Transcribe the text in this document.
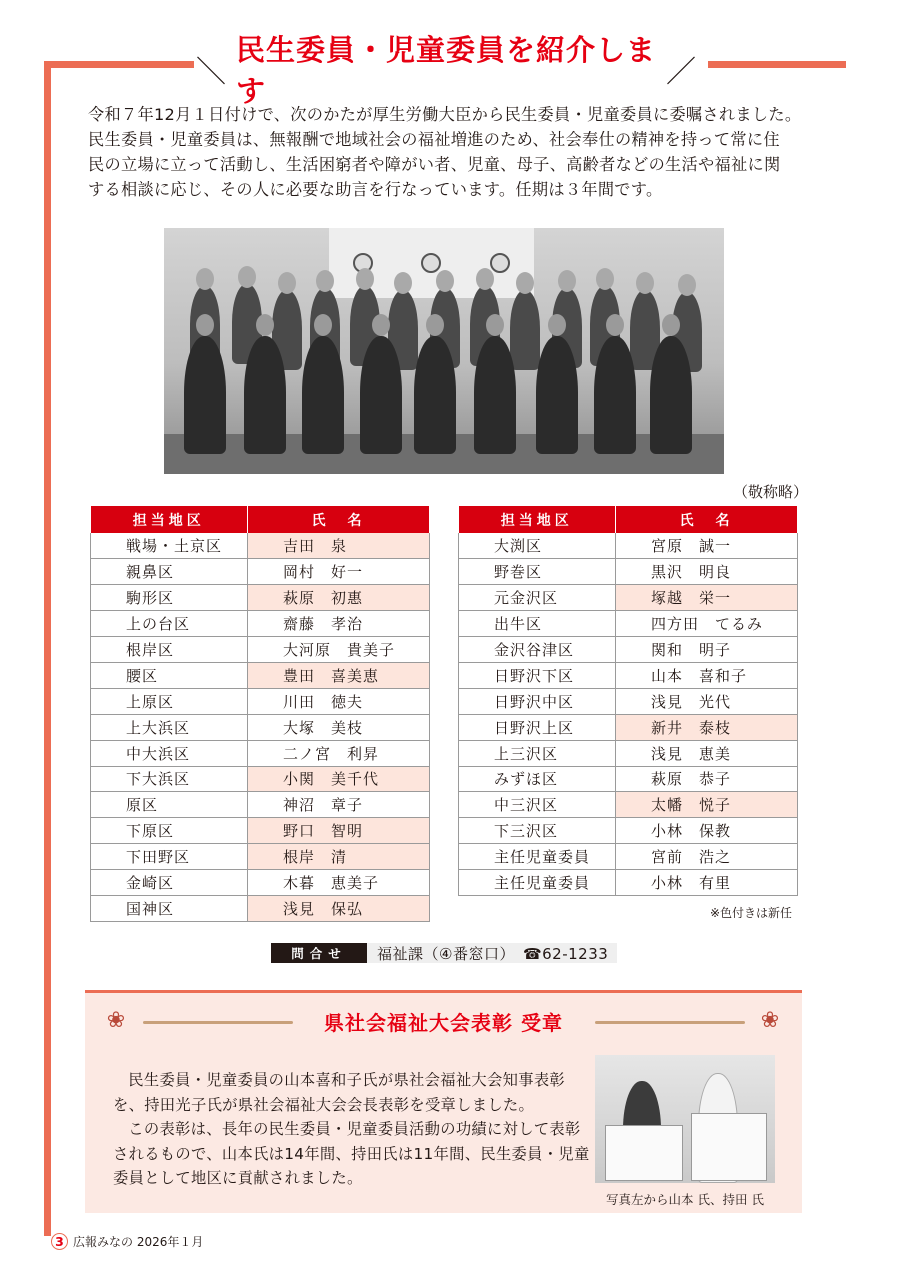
＼
民生委員・児童委員を紹介します
／

令和７年12月１日付けで、次のかたが厚生労働大臣から民生委員・児童委員に委嘱されました。

民生委員・児童委員は、無報酬で地域社会の福祉増進のため、社会奉仕の精神を持って常に住

民の立場に立って活動し、生活困窮者や障がい者、児童、母子、高齢者などの生活や福祉に関

する相談に応じ、その人に必要な助言を行なっています。任期は３年間です。

（敬称略）
担当地区	氏　名
戦場・土京区	吉田　泉
親鼻区	岡村　好一
駒形区	萩原　初惠
上の台区	齋藤　孝治
根岸区	大河原　貴美子
腰区	豊田　喜美恵
上原区	川田　徳夫
上大浜区	大塚　美枝
中大浜区	二ノ宮　利昇
下大浜区	小関　美千代
原区	神沼　章子
下原区	野口　智明
下田野区	根岸　清
金崎区	木暮　恵美子
国神区	浅見　保弘
担当地区	氏　名
大渕区	宮原　誠一
野巻区	黒沢　明良
元金沢区	塚越　栄一
出牛区	四方田　てるみ
金沢谷津区	関和　明子
日野沢下区	山本　喜和子
日野沢中区	浅見　光代
日野沢上区	新井　泰枝
上三沢区	浅見　恵美
みずほ区	萩原　恭子
中三沢区	太幡　悦子
下三沢区	小林　保教
主任児童委員	宮前　浩之
主任児童委員	小林　有里
※色付きは新任
問合せ	福祉課（④番窓口）　☎62-1233
❀	❀
県社会福祉大会表彰 受章

民生委員・児童委員の山本喜和子氏が県社会福祉大会知事表彰を、持田光子氏が県社会福祉大会会長表彰を受章しました。

この表彰は、長年の民生委員・児童委員活動の功績に対して表彰されるもので、山本氏は14年間、持田氏は11年間、民生委員・児童委員として地区に貢献されました。

写真左から山本 氏、持田 氏
3 広報みなの 2026年１月
